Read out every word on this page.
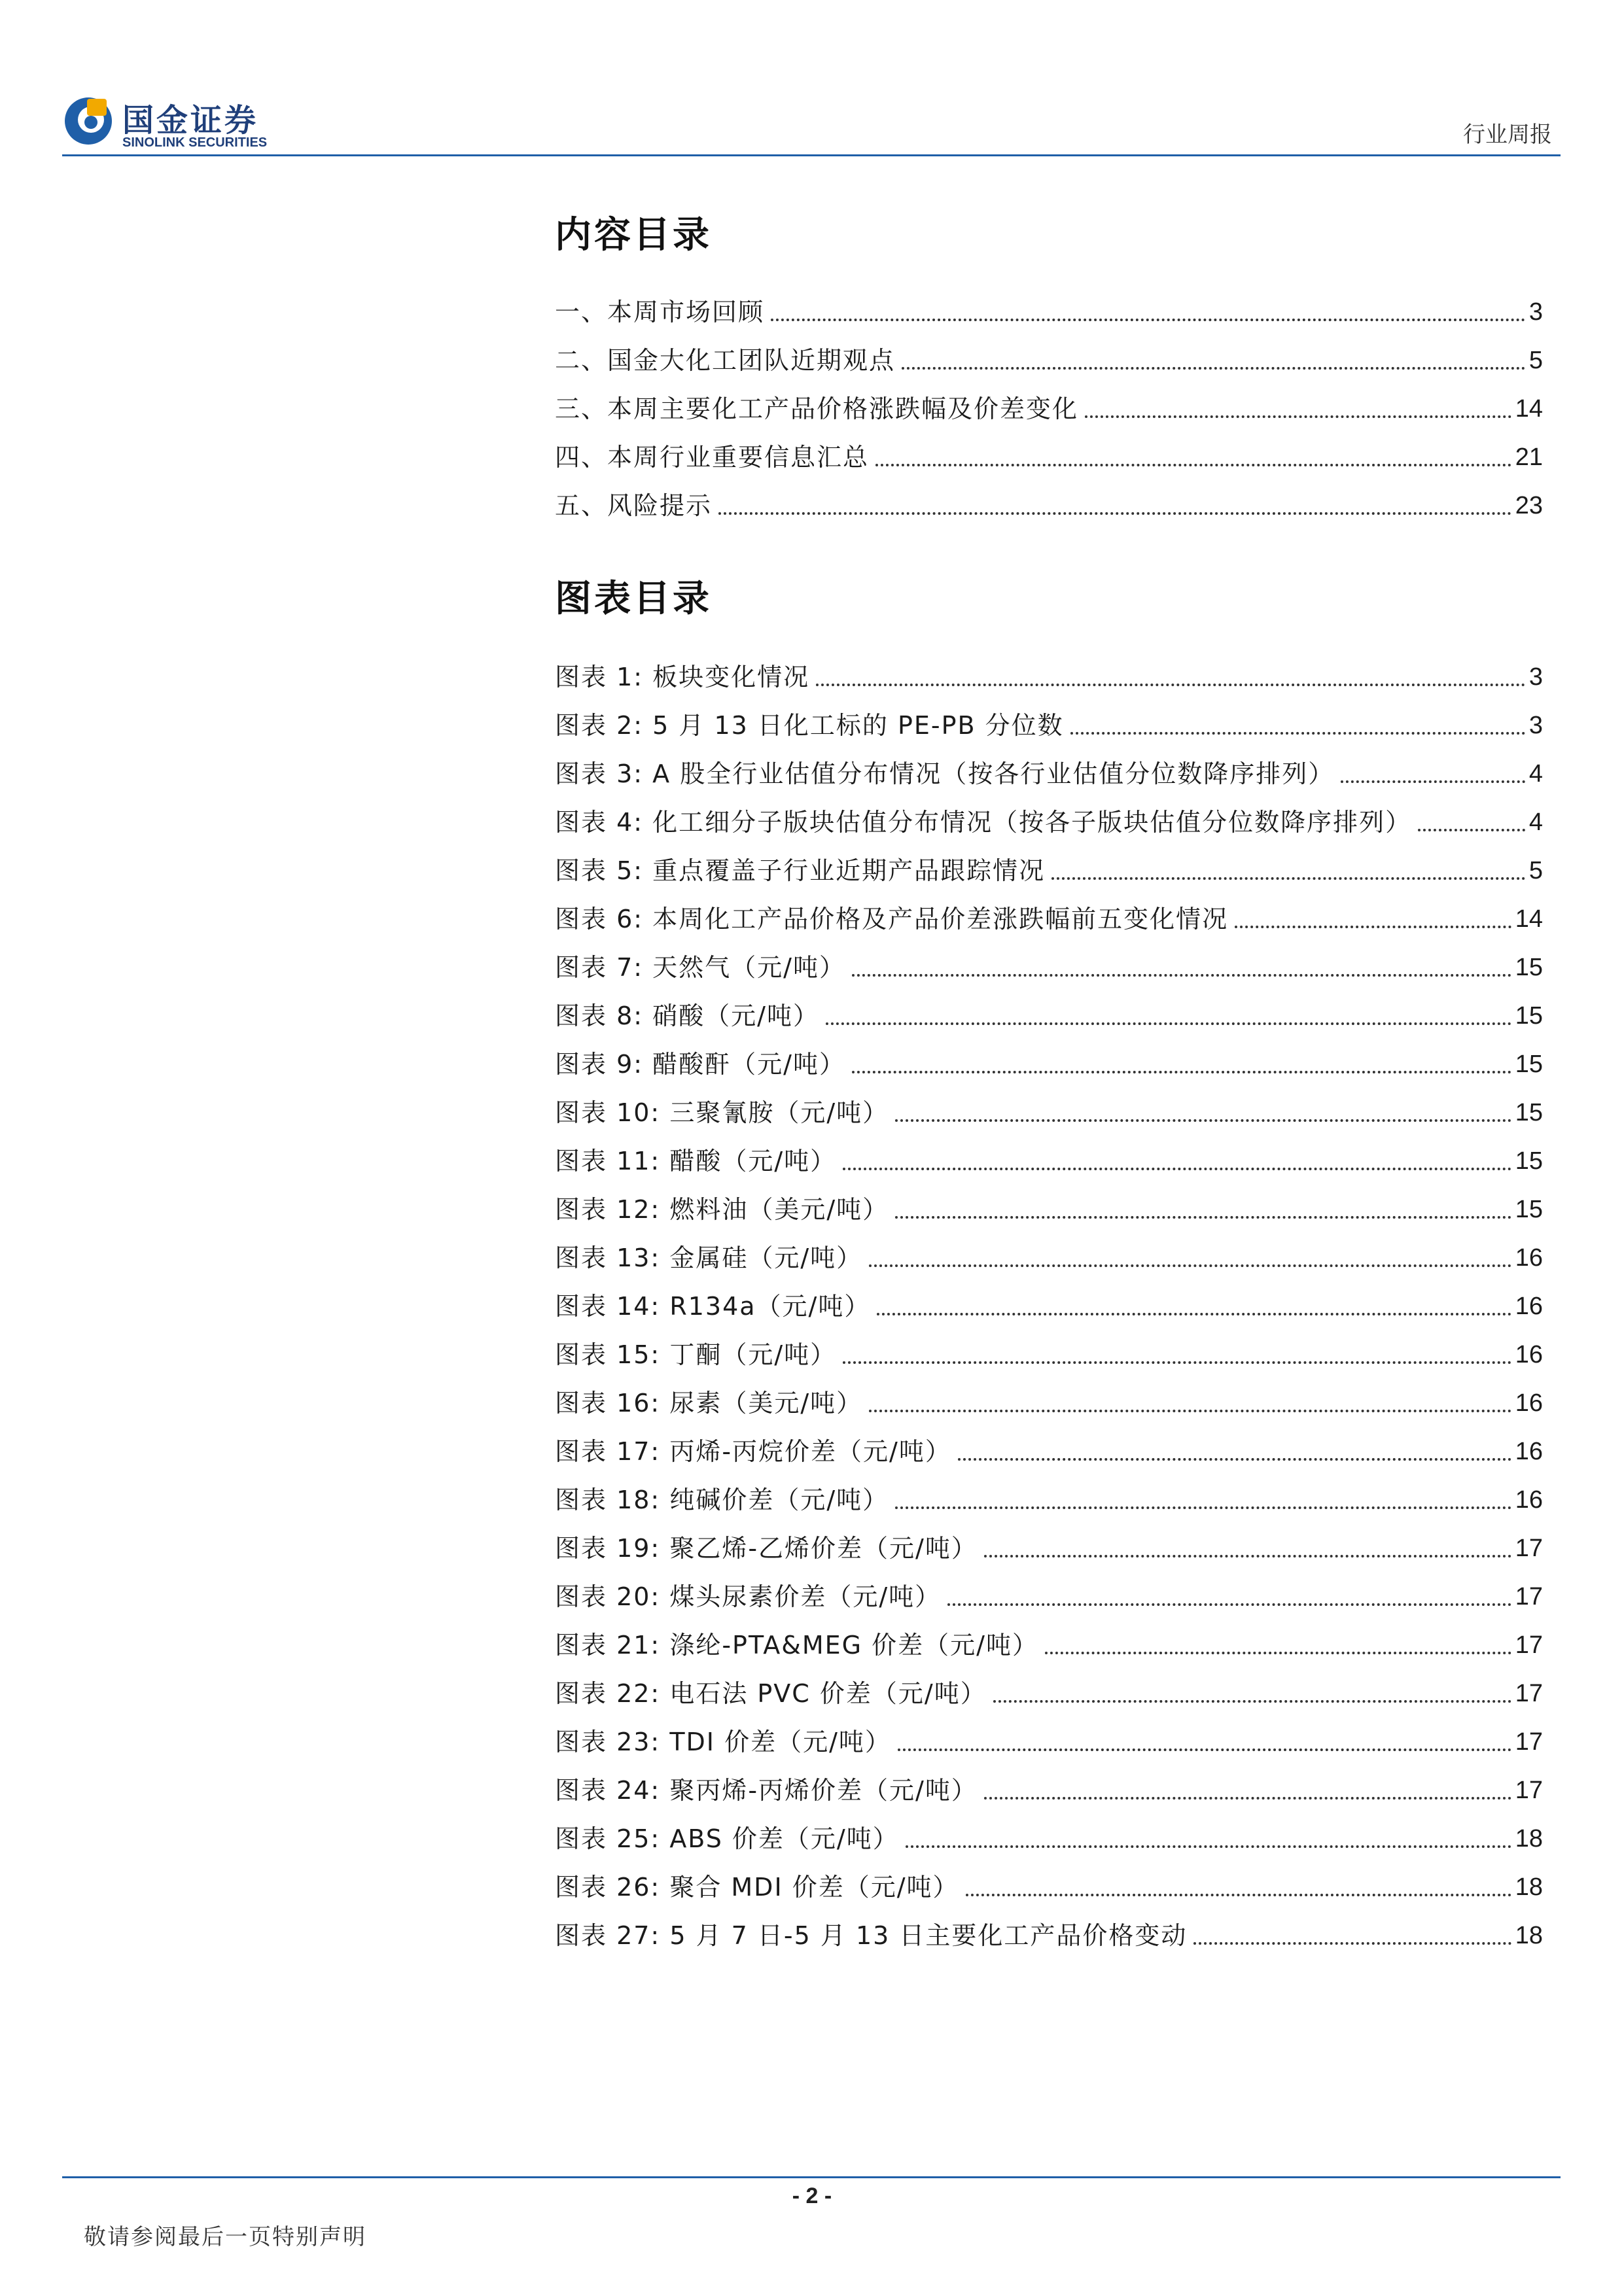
国金证券
SINOLINK SECURITIES	行业周报
内容目录
一、本周市场回顾	3
二、国金大化工团队近期观点	5
三、本周主要化工产品价格涨跌幅及价差变化	14
四、本周行业重要信息汇总	21
五、风险提示	23
图表目录
图表 1: 板块变化情况	3
图表 2: 5 月 13 日化工标的 PE-PB 分位数	3
图表 3: A 股全行业估值分布情况（按各行业估值分位数降序排列）	4
图表 4: 化工细分子版块估值分布情况（按各子版块估值分位数降序排列）	4
图表 5: 重点覆盖子行业近期产品跟踪情况	5
图表 6: 本周化工产品价格及产品价差涨跌幅前五变化情况	14
图表 7: 天然气（元/吨）	15
图表 8: 硝酸（元/吨）	15
图表 9: 醋酸酐（元/吨）	15
图表 10: 三聚氰胺（元/吨）	15
图表 11: 醋酸（元/吨）	15
图表 12: 燃料油（美元/吨）	15
图表 13: 金属硅（元/吨）	16
图表 14: R134a（元/吨）	16
图表 15: 丁酮（元/吨）	16
图表 16: 尿素（美元/吨）	16
图表 17: 丙烯-丙烷价差（元/吨）	16
图表 18: 纯碱价差（元/吨）	16
图表 19: 聚乙烯-乙烯价差（元/吨）	17
图表 20: 煤头尿素价差（元/吨）	17
图表 21: 涤纶-PTA&MEG 价差（元/吨）	17
图表 22: 电石法 PVC 价差（元/吨）	17
图表 23: TDI 价差（元/吨）	17
图表 24: 聚丙烯-丙烯价差（元/吨）	17
图表 25: ABS 价差（元/吨）	18
图表 26: 聚合 MDI 价差（元/吨）	18
图表 27: 5 月 7 日-5 月 13 日主要化工产品价格变动	18
- 2 -
敬请参阅最后一页特别声明
